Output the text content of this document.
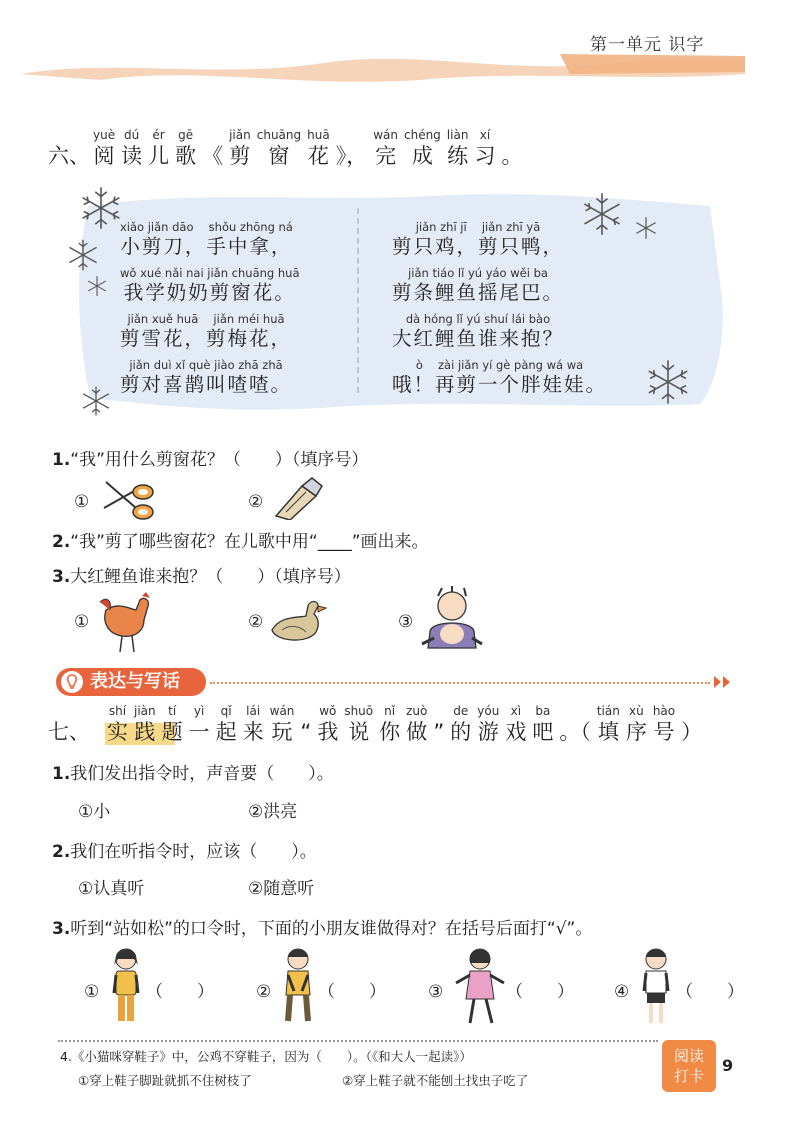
第一单元 识字
六、
yuè
阅
dú
读
ér
儿
gē
歌 《
jiǎn
剪
chuāng
窗
huā
花 》，
wán
完
chéng
成
liàn
练
xí
习 。
xiǎo jiǎn dāo　 shǒu zhōng ná
小剪刀，手中拿，
wǒ xué nǎi nai jiǎn chuāng huā
我学奶奶剪窗花。
jiǎn xuě huā　 jiǎn méi huā
剪雪花，剪梅花，
jiǎn duì xǐ què jiào zhā zhā
剪对喜鹊叫喳喳。
jiǎn zhī jī　 jiǎn zhī yā
剪只鸡，剪只鸭，
jiǎn tiáo lǐ yú yáo wěi ba
剪条鲤鱼摇尾巴。
dà hóng lǐ yú shuí lái bào
大红鲤鱼谁来抱？
ò　 zài jiǎn yí gè pàng wá wa
哦！再剪一个胖娃娃。
1.“我”用什么剪窗花？（　　）（填序号）
①	②
2.“我”剪了哪些窗花？在儿歌中用“____”画出来。
3.大红鲤鱼谁来抱？（　　）（填序号）
①	②	③
表达与写话
七、
shí
实
jiàn
践
tí
题
yì
一
qǐ
起
lái
来
wán
玩 “
wǒ
我
shuō
说
nǐ
你
zuò
做 ”
de
的
yóu
游
xì
戏
ba
吧 。（
tián
填
xù
序
hào
号 ）
1.我们发出指令时，声音要（　　）。
①小	②洪亮
2.我们在听指令时，应该（　　）。
①认真听	②随意听
3.听到“站如松”的口令时，下面的小朋友谁做得对？在括号后面打“√”。
①	（　　） ②	（　　） ③	（　　） ④	（　　）
4.《小猫咪穿鞋子》中，公鸡不穿鞋子，因为（　　）。（《和大人一起读》）
①穿上鞋子脚趾就抓不住树枝了	②穿上鞋子就不能刨土找虫子吃了
阅读
打卡
9
